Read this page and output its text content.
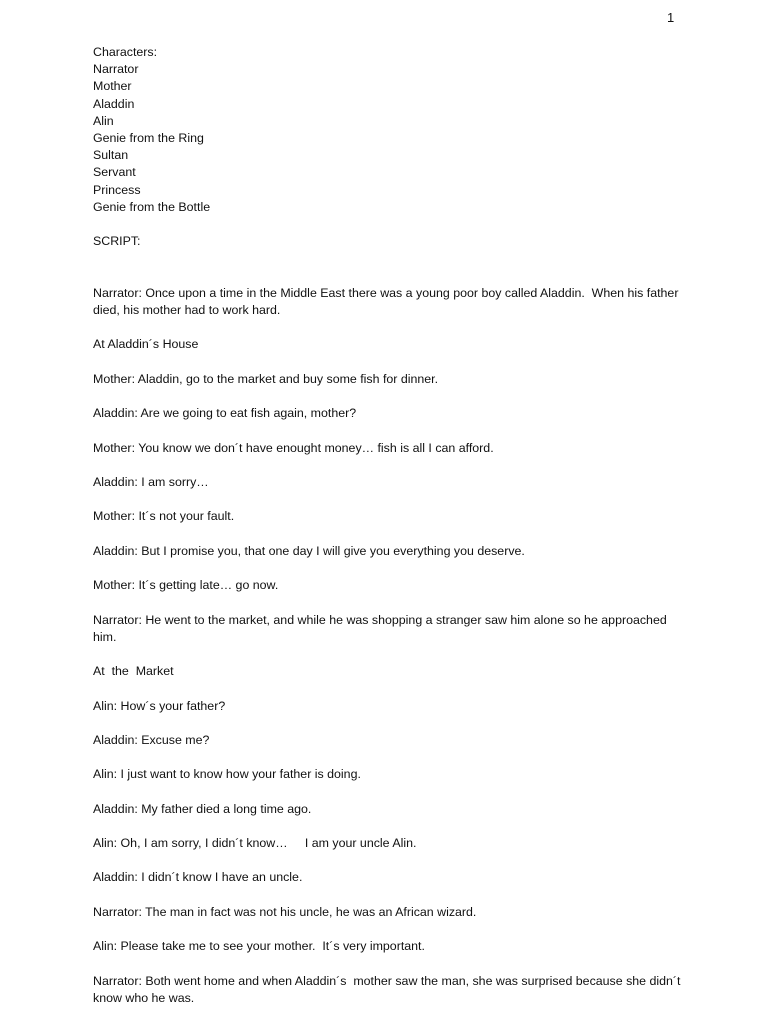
1
Characters:
Narrator
Mother
Aladdin
Alin
Genie from the Ring
Sultan
Servant
Princess
Genie from the Bottle
SCRIPT:

Narrator: Once upon a time in the Middle East there was a young poor boy called Aladdin.  When his father died, his mother had to work hard.

At Aladdin´s House

Mother: Aladdin, go to the market and buy some fish for dinner.

Aladdin: Are we going to eat fish again, mother?

Mother: You know we don´t have enought money… fish is all I can afford.

Aladdin: I am sorry…

Mother: It´s not your fault.

Aladdin: But I promise you, that one day I will give you everything you deserve.

Mother: It´s getting late… go now.

Narrator: He went to the market, and while he was shopping a stranger saw him alone so he approached him.

At  the  Market

Alin: How´s your father?

Aladdin: Excuse me?

Alin: I just want to know how your father is doing.

Aladdin: My father died a long time ago.

Alin: Oh, I am sorry, I didn´t know…     I am your uncle Alin.

Aladdin: I didn´t know I have an uncle.

Narrator: The man in fact was not his uncle, he was an African wizard.

Alin: Please take me to see your mother.  It´s very important.

Narrator: Both went home and when Aladdin´s  mother saw the man, she was surprised because she didn´t know who he was.
